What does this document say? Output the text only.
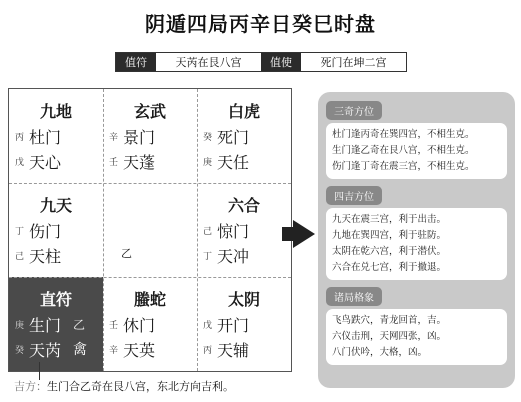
阴遁四局丙辛日癸巳时盘
值符	天芮在艮八宫	值使	死门在坤二宫
九地
丙 杜门
戊 天心
玄武
辛 景门
壬 天蓬
白虎
癸 死门
庚 天任
九天
丁 伤门
己 天柱	乙
六合
己 惊门
丁 天冲
直符
庚 生门 乙
癸 天芮 禽
螣蛇
壬 休门
辛 天英
太阴
戊 开门
丙 天辅
吉方：生门合乙奇在艮八宫，东北方向吉利。
三奇方位
杜门逢丙奇在巽四宫，不相生克。
生门逢乙奇在艮八宫，不相生克。
伤门逢丁奇在震三宫，不相生克。
四吉方位
九天在震三宫，利于出击。
九地在巽四宫，利于驻防。
太阴在乾六宫，利于潜伏。
六合在兑七宫，利于撤退。
诸局格象
飞鸟跌穴，青龙回首，吉。
六仪击刑，天网四张，凶。
八门伏吟，大格，凶。
